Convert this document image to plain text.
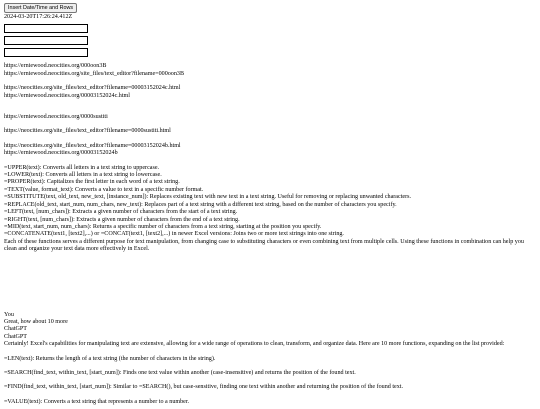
Insert Date/Time and Rows
2024-03-20T17:26:24.412Z
https://erniewood.neocities.org/000oon3B
https://erniewood.neocities.org/site_files/text_editor?filename=000oon3B
https://neocities.org/site_files/text_editor?filename=00003152024c.html
https://erniewood.neocities.org/00003152024c.html
https://erniewood.neocities.org/0000sustiti
https://neocities.org/site_files/text_editor?filename=0000sustiti.html
https://neocities.org/site_files/text_editor?filename=00003152024b.html
https://erniewood.neocities.org/00003152024b
=UPPER(text): Converts all letters in a text string to uppercase.
=LOWER(text): Converts all letters in a text string to lowercase.
=PROPER(text): Capitalizes the first letter in each word of a text string.
=TEXT(value, format_text): Converts a value to text in a specific number format.
=SUBSTITUTE(text, old_text, new_text, [instance_num]): Replaces existing text with new text in a text string. Useful for removing or replacing unwanted characters.
=REPLACE(old_text, start_num, num_chars, new_text): Replaces part of a text string with a different text string, based on the number of characters you specify.
=LEFT(text, [num_chars]): Extracts a given number of characters from the start of a text string.
=RIGHT(text, [num_chars]): Extracts a given number of characters from the end of a text string.
=MID(text, start_num, num_chars): Returns a specific number of characters from a text string, starting at the position you specify.
=CONCATENATE(text1, [text2],...) or =CONCAT(text1, [text2],...) in newer Excel versions: Joins two or more text strings into one string.
Each of these functions serves a different purpose for text manipulation, from changing case to substituting characters or even combining text from multiple cells. Using these functions in combination can help you clean and organize your text data more effectively in Excel.
You
Great, how about 10 more
ChatGPT
ChatGPT
Certainly! Excel's capabilities for manipulating text are extensive, allowing for a wide range of operations to clean, transform, and organize data. Here are 10 more functions, expanding on the list provided:
=LEN(text): Returns the length of a text string (the number of characters in the string).
=SEARCH(find_text, within_text, [start_num]): Finds one text value within another (case-insensitive) and returns the position of the found text.
=FIND(find_text, within_text, [start_num]): Similar to =SEARCH(), but case-sensitive, finding one text within another and returning the position of the found text.
=VALUE(text): Converts a text string that represents a number to a number.
